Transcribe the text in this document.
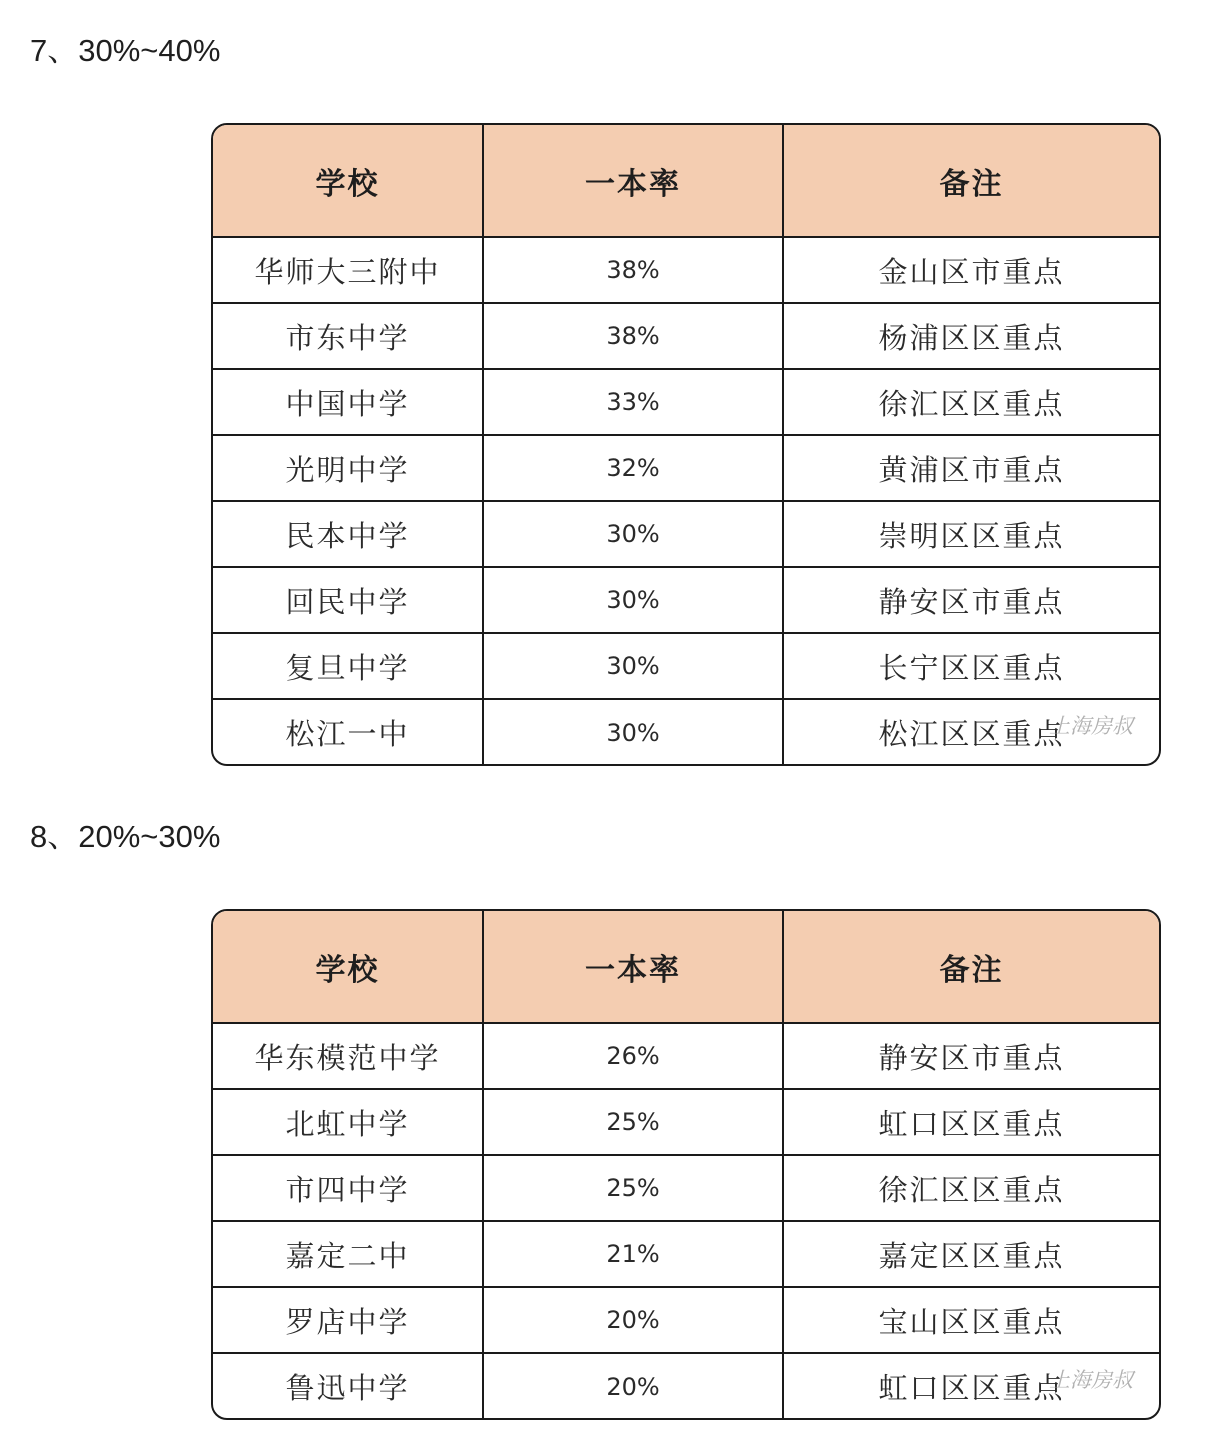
7、30%~40%
学校	一本率	备注
华师大三附中	38%	金山区市重点
市东中学	38%	杨浦区区重点
中国中学	33%	徐汇区区重点
光明中学	32%	黄浦区市重点
民本中学	30%	崇明区区重点
回民中学	30%	静安区市重点
复旦中学	30%	长宁区区重点
松江一中	30%	松江区区重点
上海房叔
8、20%~30%
学校	一本率	备注
华东模范中学	26%	静安区市重点
北虹中学	25%	虹口区区重点
市四中学	25%	徐汇区区重点
嘉定二中	21%	嘉定区区重点
罗店中学	20%	宝山区区重点
鲁迅中学	20%	虹口区区重点
上海房叔
